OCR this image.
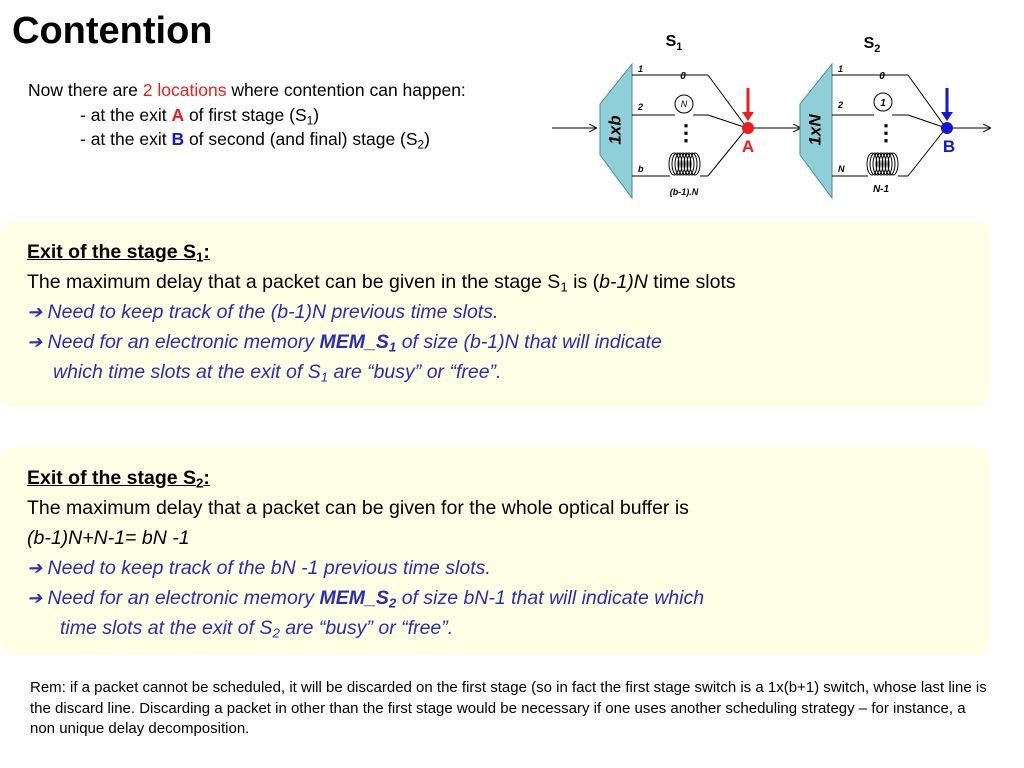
Contention
Now there are 2 locations where contention can happen:
- at the exit A of first stage $(S_1)$
- at the exit B of second (and final) stage $(S_2)$
$S_1$
1xb
1
2
b
0
N
⋮
(b-1).N
A
$S_2$
1xN
1
2
N
0
1
⋮
N-1
B
Exit of the stage $S_1$:
The maximum delay that a packet can be given in the stage $S_1$ is (b-1)N time slots
➔ Need to keep track of the (b-1)N previous time slots.
➔ Need for an electronic memory $MEM\_S_1$ of size (b-1)N that will indicate
which time slots at the exit of $S_1$ are “busy” or “free”.
Exit of the stage $S_2$:
The maximum delay that a packet can be given for the whole optical buffer is
(b-1)N+N-1= bN -1
➔ Need to keep track of the bN -1 previous time slots.
➔ Need for an electronic memory $MEM\_S_2$ of size bN-1 that will indicate which
time slots at the exit of $S_2$ are “busy” or “free”.
Rem: if a packet cannot be scheduled, it will be discarded on the first stage (so in fact the first stage switch is a 1x(b+1) switch, whose last line is the discard line. Discarding a packet in other than the first stage would be necessary if one uses another scheduling strategy – for instance, a non unique delay decomposition.
